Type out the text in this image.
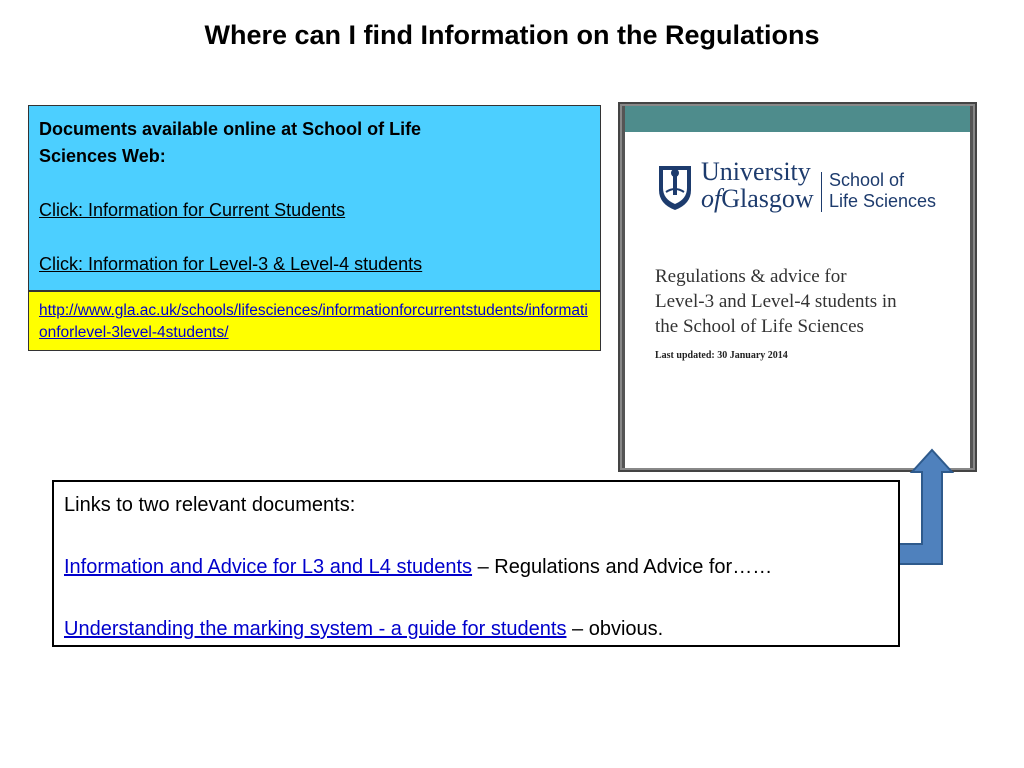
Where can I find Information on the Regulations
Documents available online at School of Life
Sciences Web:
Click: Information for Current Students
Click: Information for Level-3 & Level-4 students
http://www.gla.ac.uk/schools/lifesciences/informationforcurrentstudents/informationforlevel-3level-4students/
University
ofGlasgow
School of
Life Sciences
Regulations & advice for
Level-3 and Level-4 students in
the School of Life Sciences
Last updated: 30 January 2014
Links to two relevant documents:
Information and Advice for L3 and L4 students – Regulations and Advice for……
Understanding the marking system - a guide for students – obvious.
